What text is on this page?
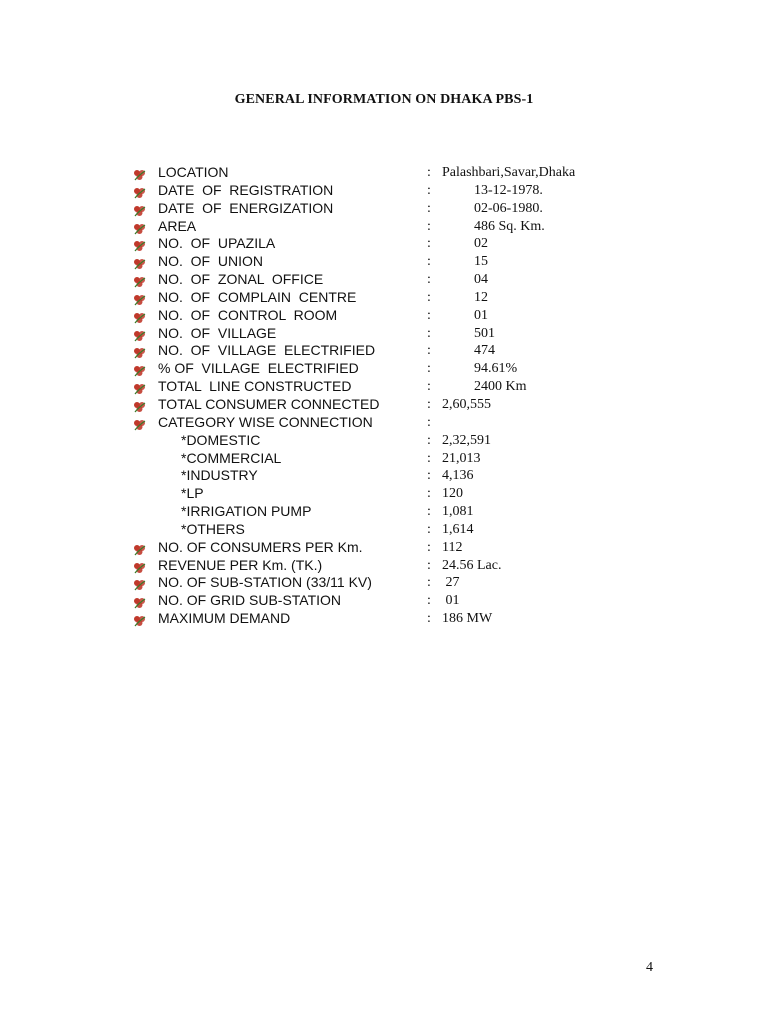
GENERAL INFORMATION ON DHAKA PBS-1
LOCATION	: Palashbari,Savar,Dhaka
DATE  OF  REGISTRATION	:	13-12-1978.
DATE  OF  ENERGIZATION	:	02-06-1980.
AREA	:	486 Sq. Km.
NO.  OF  UPAZILA	:	02
NO.  OF  UNION	:	15
NO.  OF  ZONAL  OFFICE	:	04
NO.  OF  COMPLAIN  CENTRE	:	12
NO.  OF  CONTROL  ROOM	:	01
NO.  OF  VILLAGE	:	501
NO.  OF  VILLAGE  ELECTRIFIED	:	474
% OF  VILLAGE  ELECTRIFIED	:	94.61%
TOTAL  LINE CONSTRUCTED	:	2400 Km
TOTAL CONSUMER CONNECTED	: 2,60,555
CATEGORY WISE CONNECTION	:
*DOMESTIC	: 2,32,591
*COMMERCIAL	: 21,013
*INDUSTRY	: 4,136
*LP	: 120
*IRRIGATION PUMP	: 1,081
*OTHERS	: 1,614
NO. OF CONSUMERS PER Km.	: 112
REVENUE PER Km. (TK.)	: 24.56 Lac.
NO. OF SUB-STATION (33/11 KV)	: 27
NO. OF GRID SUB-STATION	: 01
MAXIMUM DEMAND	: 186 MW
4
